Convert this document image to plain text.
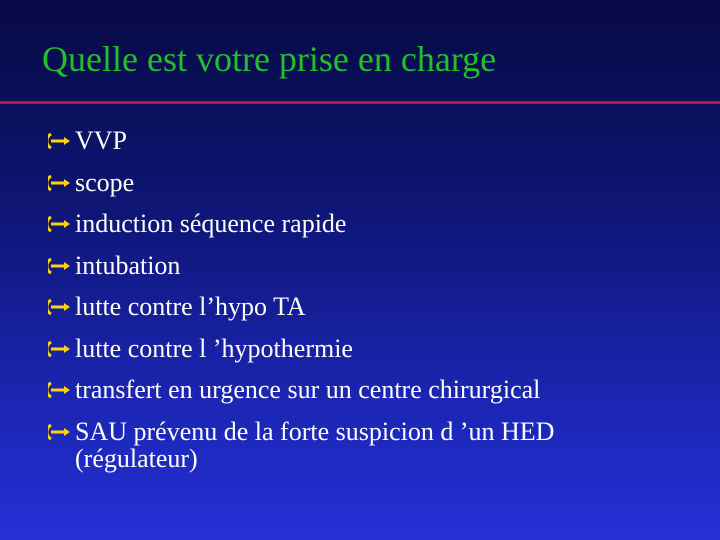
Quelle est votre prise en charge
VVP
scope
induction séquence rapide
intubation
lutte contre l’hypo TA
lutte contre l ’hypothermie
transfert en urgence sur un centre chirurgical
SAU prévenu de la forte suspicion d ’un HED
(régulateur)
